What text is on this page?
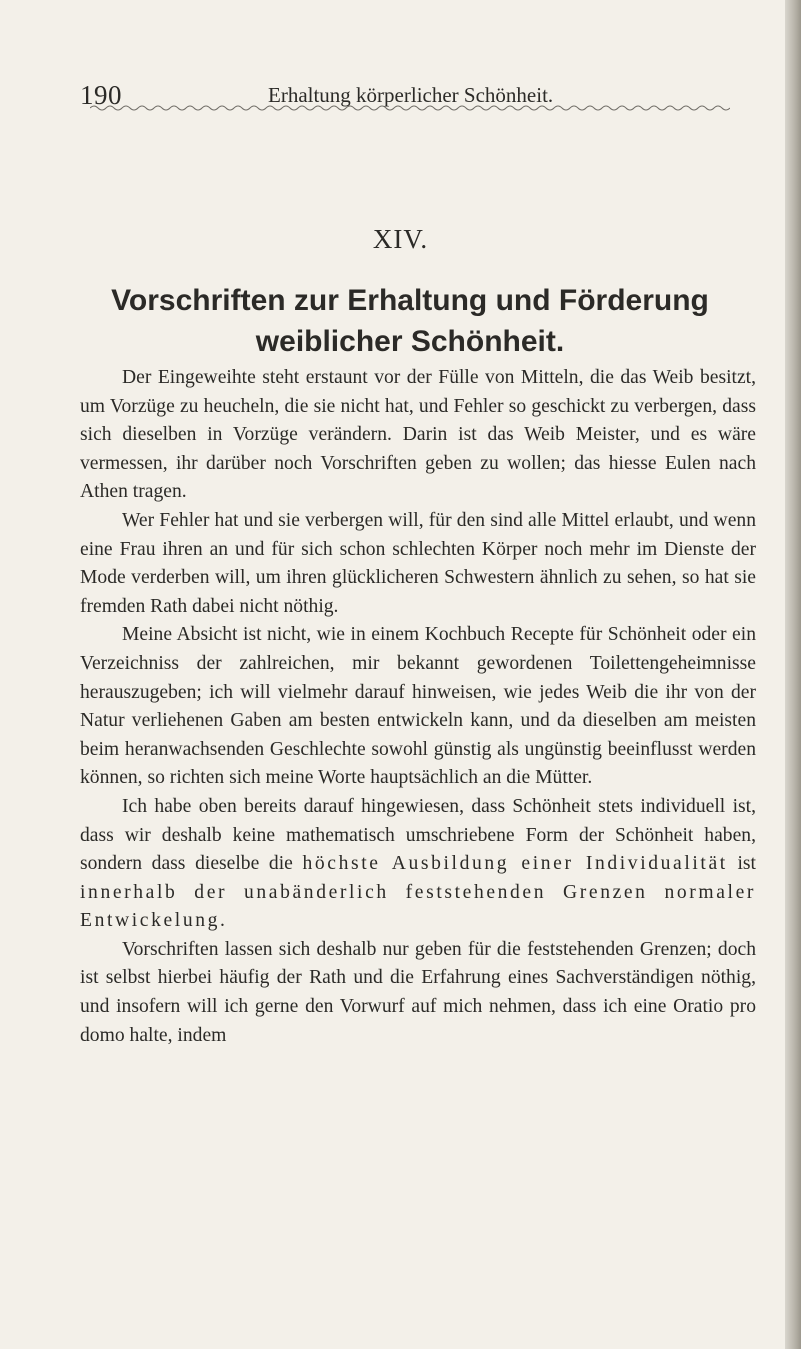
190	Erhaltung körperlicher Schönheit.
XIV.
Vorschriften zur Erhaltung und Förderung
weiblicher Schönheit.

Der Eingeweihte steht erstaunt vor der Fülle von Mitteln, die das Weib besitzt, um Vorzüge zu heucheln, die sie nicht hat, und Fehler so geschickt zu verbergen, dass sich dieselben in Vorzüge verändern. Darin ist das Weib Meister, und es wäre vermessen, ihr darüber noch Vorschriften geben zu wollen; das hiesse Eulen nach Athen tragen.

Wer Fehler hat und sie verbergen will, für den sind alle Mittel erlaubt, und wenn eine Frau ihren an und für sich schon schlechten Körper noch mehr im Dienste der Mode verderben will, um ihren glücklicheren Schwestern ähnlich zu sehen, so hat sie fremden Rath dabei nicht nöthig.

Meine Absicht ist nicht, wie in einem Kochbuch Recepte für Schönheit oder ein Verzeichniss der zahlreichen, mir bekannt gewordenen Toilettengeheimnisse herauszugeben; ich will vielmehr darauf hinweisen, wie jedes Weib die ihr von der Natur verliehenen Gaben am besten entwickeln kann, und da dieselben am meisten beim heranwachsenden Geschlechte sowohl günstig als ungünstig beeinflusst werden können, so richten sich meine Worte hauptsächlich an die Mütter.

Ich habe oben bereits darauf hingewiesen, dass Schönheit stets individuell ist, dass wir deshalb keine mathematisch umschriebene Form der Schönheit haben, sondern dass dieselbe die höchste Ausbildung einer Individualität ist innerhalb der unabänderlich feststehenden Grenzen normaler Entwickelung.

Vorschriften lassen sich deshalb nur geben für die feststehenden Grenzen; doch ist selbst hierbei häufig der Rath und die Erfahrung eines Sachverständigen nöthig, und insofern will ich gerne den Vorwurf auf mich nehmen, dass ich eine Oratio pro domo halte, indem
